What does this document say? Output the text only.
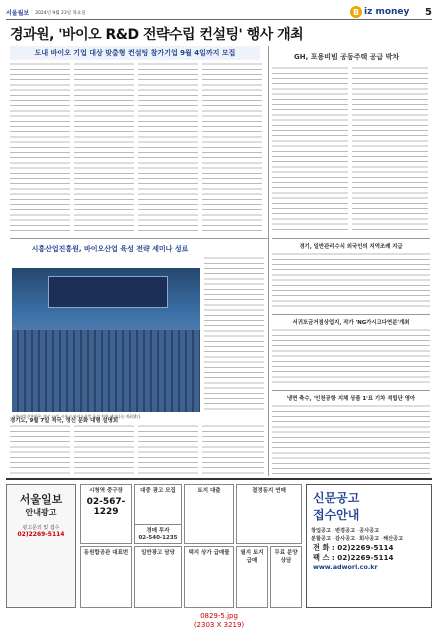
서울월보 2024년 9월 23일 목요일	B iz money 5
경과원, '바이오 R&D 전략수립 컨설팅' 행사 개최
도내 바이오 기업 대상 맞춤형 컨설팅 참가기업 9월 4일까지 모집	GH, 포용비빔 공동주택 공급 박차
시흥산업진흥원, 바이오산업 육성 전략 세미나 성료
시흥산업진흥원은 지난 19일 시흥시 바이오산업 육성 전략 세미나를 개최했다.
경기도, 9월 7일 적극, 정신 문화 대형 설명회
경기, 일반관리수식 외국인의 지역조례 지급
서귀포금거점상업지, 작가 'NG가시고다연분'개최
냉면 축수, '인천공항 지체 상품 1'요 기차 적립단 영아
서울일보
안내광고
광고문의 및 접수
02)2269-5114
시청역 중구장
02-567-1229
대중 광고 모집	토지 대출	결정동지 연매
경매 투자
02-540-1235
동원합공관 대표번	일반광고 담당	택지 상가 급매물	필지 토지 급매
무료 분양 상담
신문공고
접수안내
창업공고 · 변경공고 · 공사공고
분할공고 · 감사공고 · 회사공고 · 해산공고
전 화 : 02)2269-5114
팩 스 : 02)2269-5114
www.adworl.co.kr
0829-5.jpg
(2303 X 3219)
